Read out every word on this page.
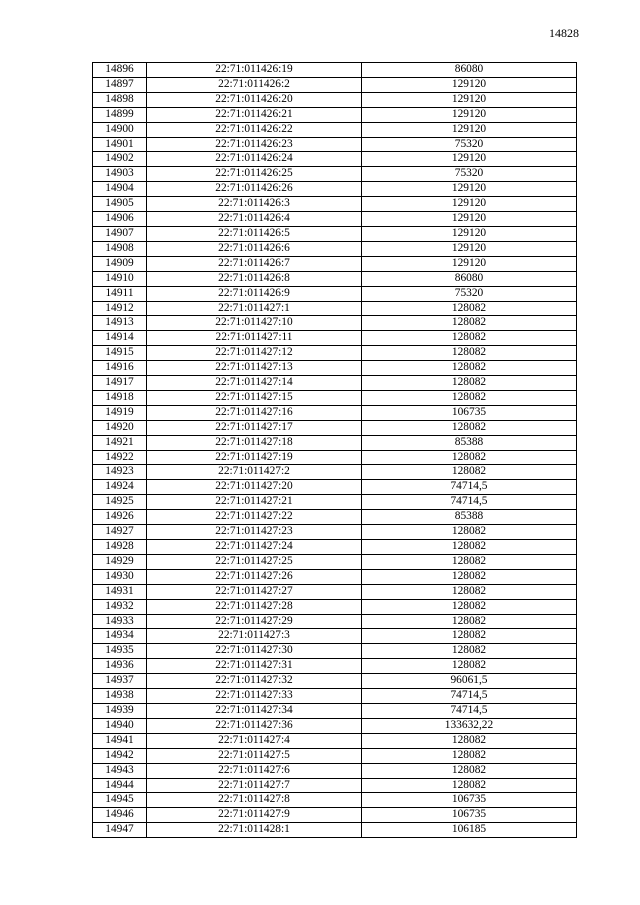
14828
14896	22:71:011426:19	86080
14897	22:71:011426:2	129120
14898	22:71:011426:20	129120
14899	22:71:011426:21	129120
14900	22:71:011426:22	129120
14901	22:71:011426:23	75320
14902	22:71:011426:24	129120
14903	22:71:011426:25	75320
14904	22:71:011426:26	129120
14905	22:71:011426:3	129120
14906	22:71:011426:4	129120
14907	22:71:011426:5	129120
14908	22:71:011426:6	129120
14909	22:71:011426:7	129120
14910	22:71:011426:8	86080
14911	22:71:011426:9	75320
14912	22:71:011427:1	128082
14913	22:71:011427:10	128082
14914	22:71:011427:11	128082
14915	22:71:011427:12	128082
14916	22:71:011427:13	128082
14917	22:71:011427:14	128082
14918	22:71:011427:15	128082
14919	22:71:011427:16	106735
14920	22:71:011427:17	128082
14921	22:71:011427:18	85388
14922	22:71:011427:19	128082
14923	22:71:011427:2	128082
14924	22:71:011427:20	74714,5
14925	22:71:011427:21	74714,5
14926	22:71:011427:22	85388
14927	22:71:011427:23	128082
14928	22:71:011427:24	128082
14929	22:71:011427:25	128082
14930	22:71:011427:26	128082
14931	22:71:011427:27	128082
14932	22:71:011427:28	128082
14933	22:71:011427:29	128082
14934	22:71:011427:3	128082
14935	22:71:011427:30	128082
14936	22:71:011427:31	128082
14937	22:71:011427:32	96061,5
14938	22:71:011427:33	74714,5
14939	22:71:011427:34	74714,5
14940	22:71:011427:36	133632,22
14941	22:71:011427:4	128082
14942	22:71:011427:5	128082
14943	22:71:011427:6	128082
14944	22:71:011427:7	128082
14945	22:71:011427:8	106735
14946	22:71:011427:9	106735
14947	22:71:011428:1	106185
